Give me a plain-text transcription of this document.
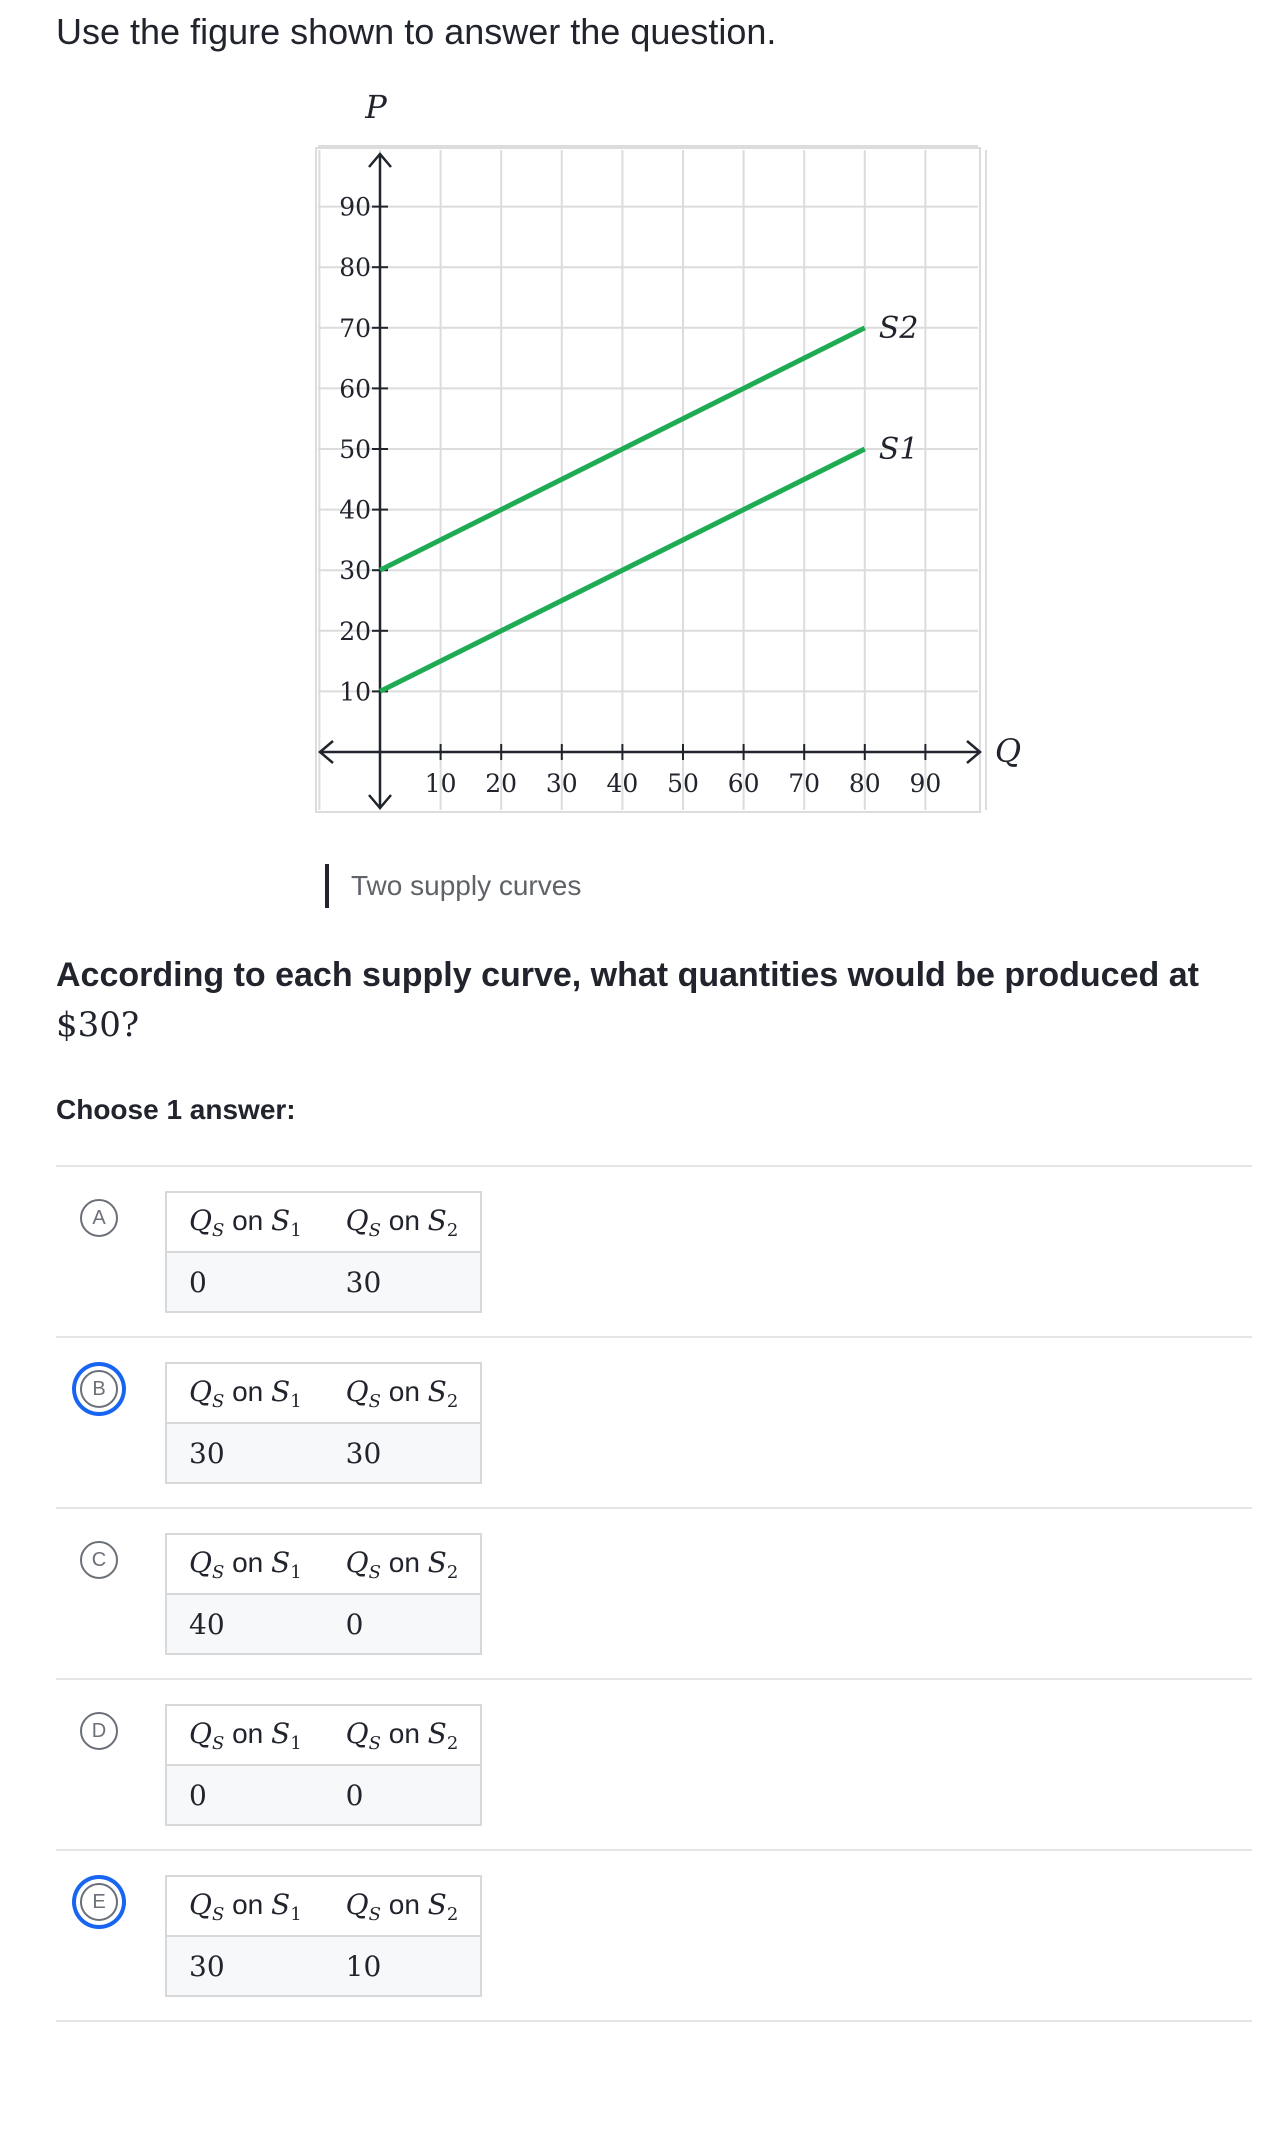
Use the figure shown to answer the question.
10 20 30 40 50 60 70 80 90
10
20
30
40
50
60
70
80
90
P
Q
S2
S1
Two supply curves
According to each supply curve, what quantities would be produced at
$30?
Choose 1 answer:
A	$Q_S$ on $S_1$	$Q_S$ on $S_2$
0	30
B	$Q_S$ on $S_1$	$Q_S$ on $S_2$
30	30
C	$Q_S$ on $S_1$	$Q_S$ on $S_2$
40	0
D	$Q_S$ on $S_1$	$Q_S$ on $S_2$
0	0
E	$Q_S$ on $S_1$	$Q_S$ on $S_2$
30	10
